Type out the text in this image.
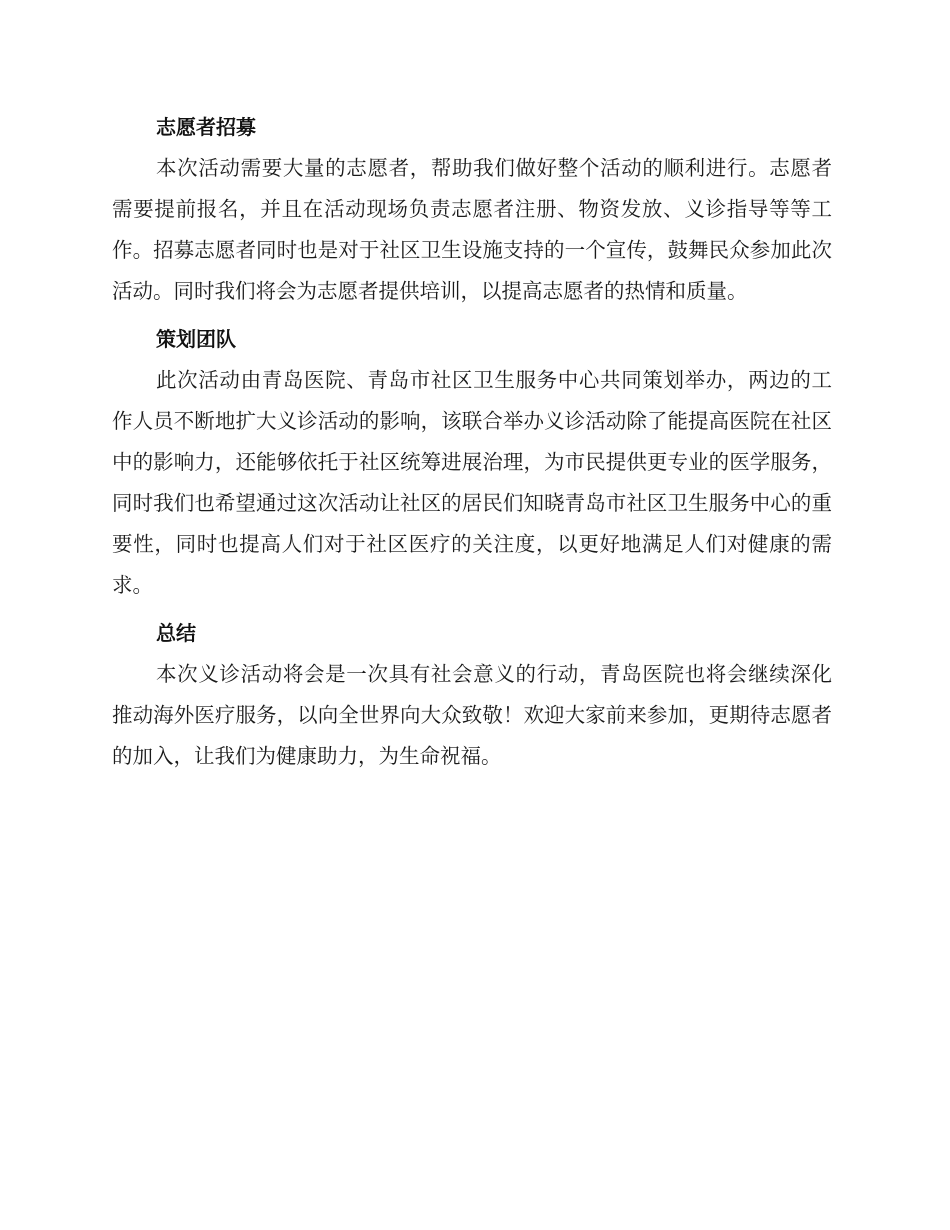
志愿者招募

本次活动需要大量的志愿者，帮助我们做好整个活动的顺利进行。志愿者需要提前报名，并且在活动现场负责志愿者注册、物资发放、义诊指导等等工作。招募志愿者同时也是对于社区卫生设施支持的一个宣传，鼓舞民众参加此次活动。同时我们将会为志愿者提供培训，以提高志愿者的热情和质量。

策划团队

此次活动由青岛医院、青岛市社区卫生服务中心共同策划举办，两边的工作人员不断地扩大义诊活动的影响，该联合举办义诊活动除了能提高医院在社区中的影响力，还能够依托于社区统筹进展治理，为市民提供更专业的医学服务，同时我们也希望通过这次活动让社区的居民们知晓青岛市社区卫生服务中心的重要性，同时也提高人们对于社区医疗的关注度，以更好地满足人们对健康的需求。

总结

本次义诊活动将会是一次具有社会意义的行动，青岛医院也将会继续深化推动海外医疗服务，以向全世界向大众致敬！欢迎大家前来参加，更期待志愿者的加入，让我们为健康助力，为生命祝福。
